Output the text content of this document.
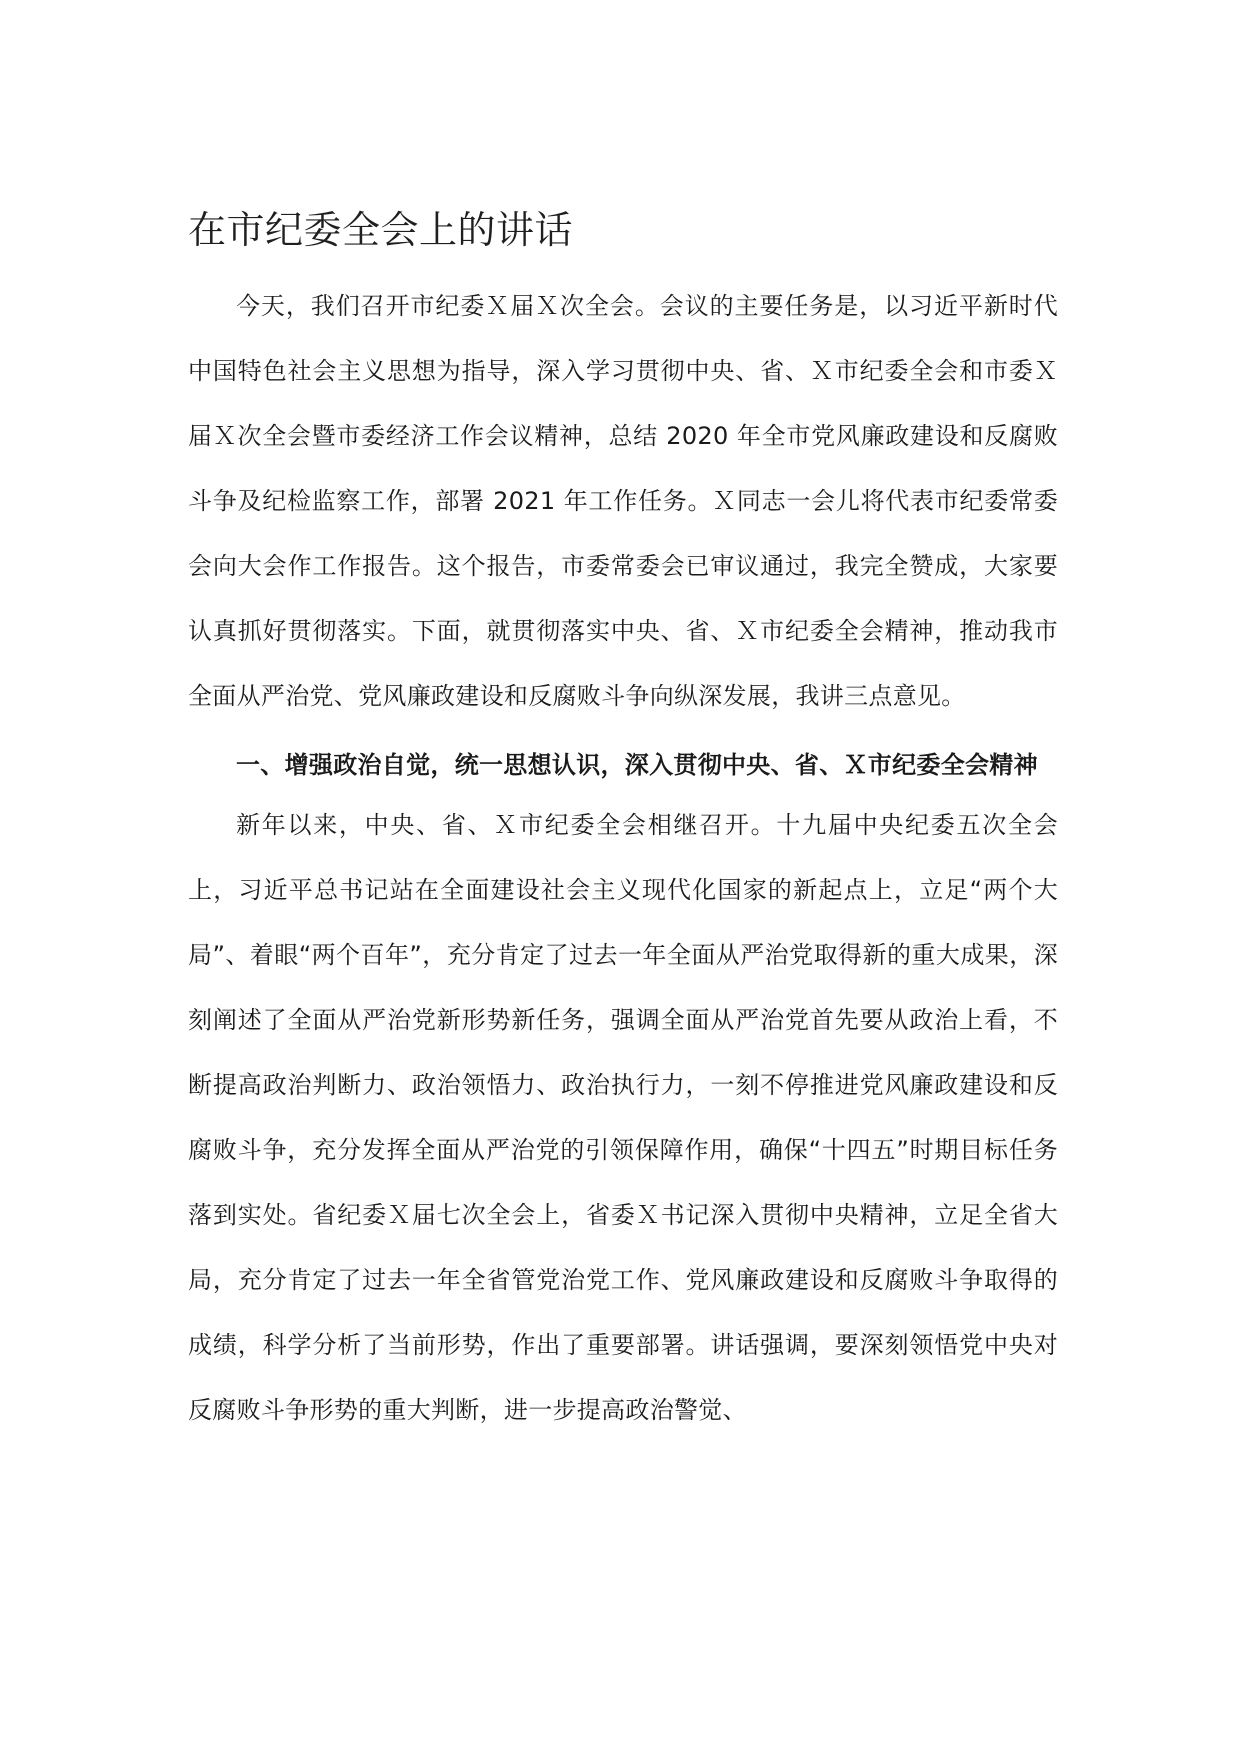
在市纪委全会上的讲话

今天，我们召开市纪委Ｘ届Ｘ次全会。会议的主要任务是，以习近平新时代中国特色社会主义思想为指导，深入学习贯彻中央、省、Ｘ市纪委全会和市委Ｘ届Ｘ次全会暨市委经济工作会议精神，总结 2020 年全市党风廉政建设和反腐败斗争及纪检监察工作，部署 2021 年工作任务。Ｘ同志一会儿将代表市纪委常委会向大会作工作报告。这个报告，市委常委会已审议通过，我完全赞成，大家要认真抓好贯彻落实。下面，就贯彻落实中央、省、Ｘ市纪委全会精神，推动我市全面从严治党、党风廉政建设和反腐败斗争向纵深发展，我讲三点意见。

一、增强政治自觉，统一思想认识，深入贯彻中央、省、Ｘ市纪委全会精神

新年以来，中央、省、Ｘ市纪委全会相继召开。十九届中央纪委五次全会上，习近平总书记站在全面建设社会主义现代化国家的新起点上，立足“两个大局”、着眼“两个百年”，充分肯定了过去一年全面从严治党取得新的重大成果，深刻阐述了全面从严治党新形势新任务，强调全面从严治党首先要从政治上看，不断提高政治判断力、政治领悟力、政治执行力，一刻不停推进党风廉政建设和反腐败斗争，充分发挥全面从严治党的引领保障作用，确保“十四五”时期目标任务落到实处。省纪委Ｘ届七次全会上，省委Ｘ书记深入贯彻中央精神，立足全省大局，充分肯定了过去一年全省管党治党工作、党风廉政建设和反腐败斗争取得的成绩，科学分析了当前形势，作出了重要部署。讲话强调，要深刻领悟党中央对反腐败斗争形势的重大判断，进一步提高政治警觉、
